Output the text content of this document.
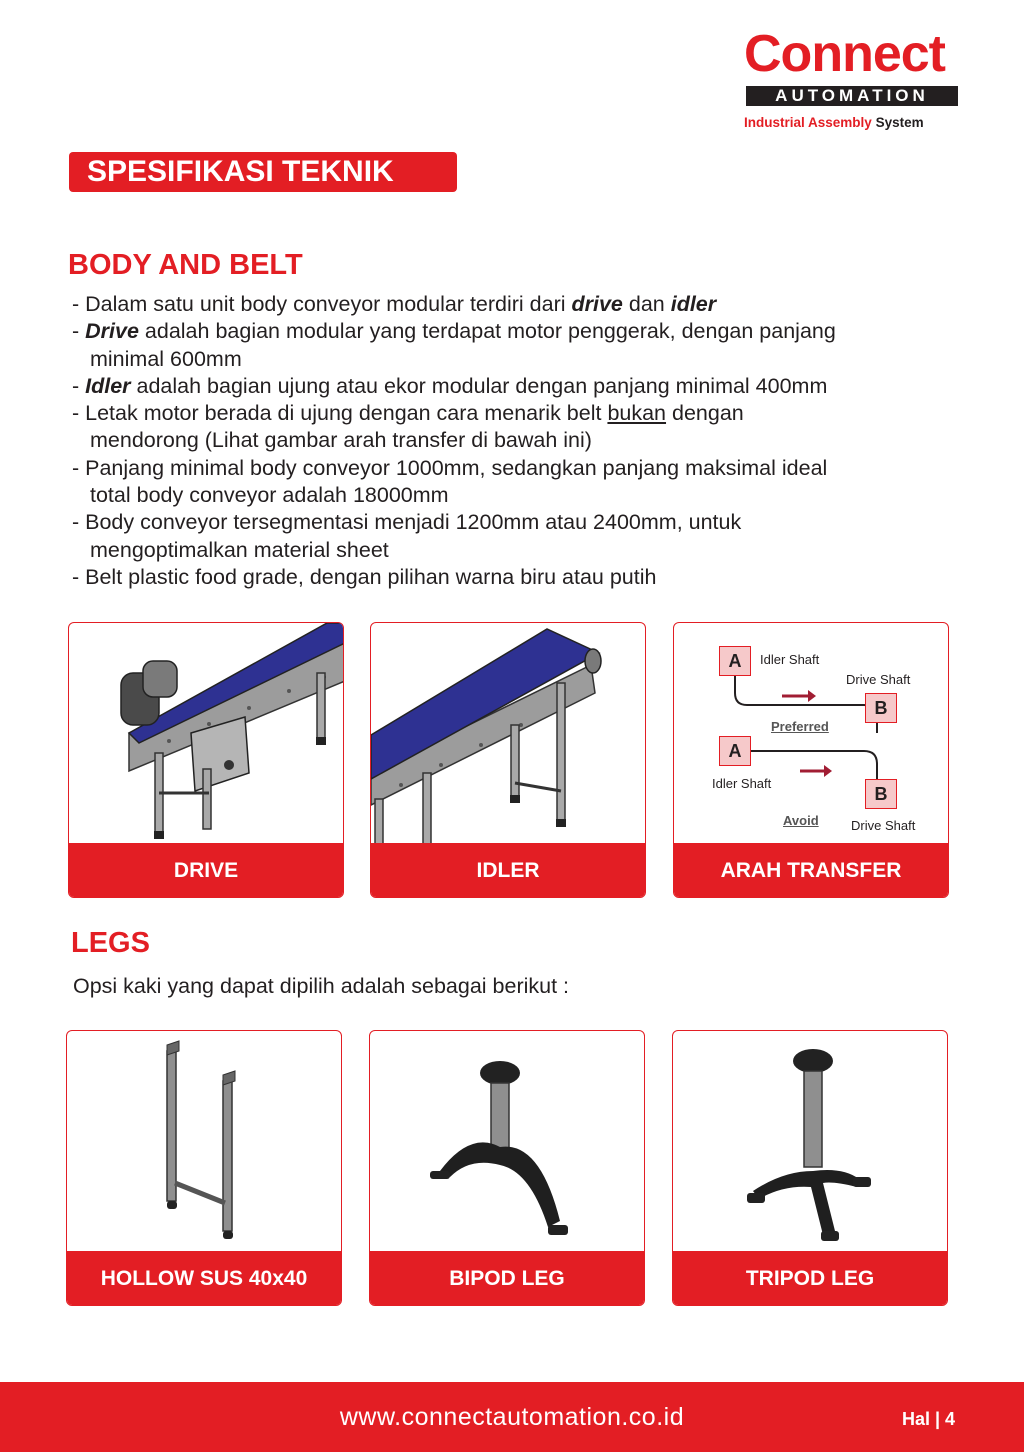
Connect
AUTOMATION
Industrial Assembly System
SPESIFIKASI TEKNIK
BODY AND BELT
- Dalam satu unit body conveyor modular terdiri dari drive dan idler
- Drive adalah bagian modular yang terdapat motor penggerak, dengan panjang
minimal 600mm
- Idler adalah bagian ujung atau ekor modular dengan panjang minimal 400mm
- Letak motor berada di ujung dengan cara menarik belt bukan dengan
mendorong (Lihat gambar arah transfer di bawah ini)
- Panjang minimal body conveyor 1000mm, sedangkan panjang maksimal ideal
total body conveyor adalah 18000mm
- Body conveyor tersegmentasi menjadi 1200mm atau 2400mm, untuk
mengoptimalkan material sheet
- Belt plastic food grade, dengan pilihan warna biru atau putih
DRIVE	IDLER
A	Idler Shaft
Drive Shaft
B
Preferred
A
Idler Shaft
B
Avoid Drive Shaft
ARAH TRANSFER
LEGS
Opsi kaki yang dapat dipilih adalah sebagai berikut :
HOLLOW SUS 40x40	BIPOD LEG	TRIPOD LEG
www.connectautomation.co.id	Hal | 4
